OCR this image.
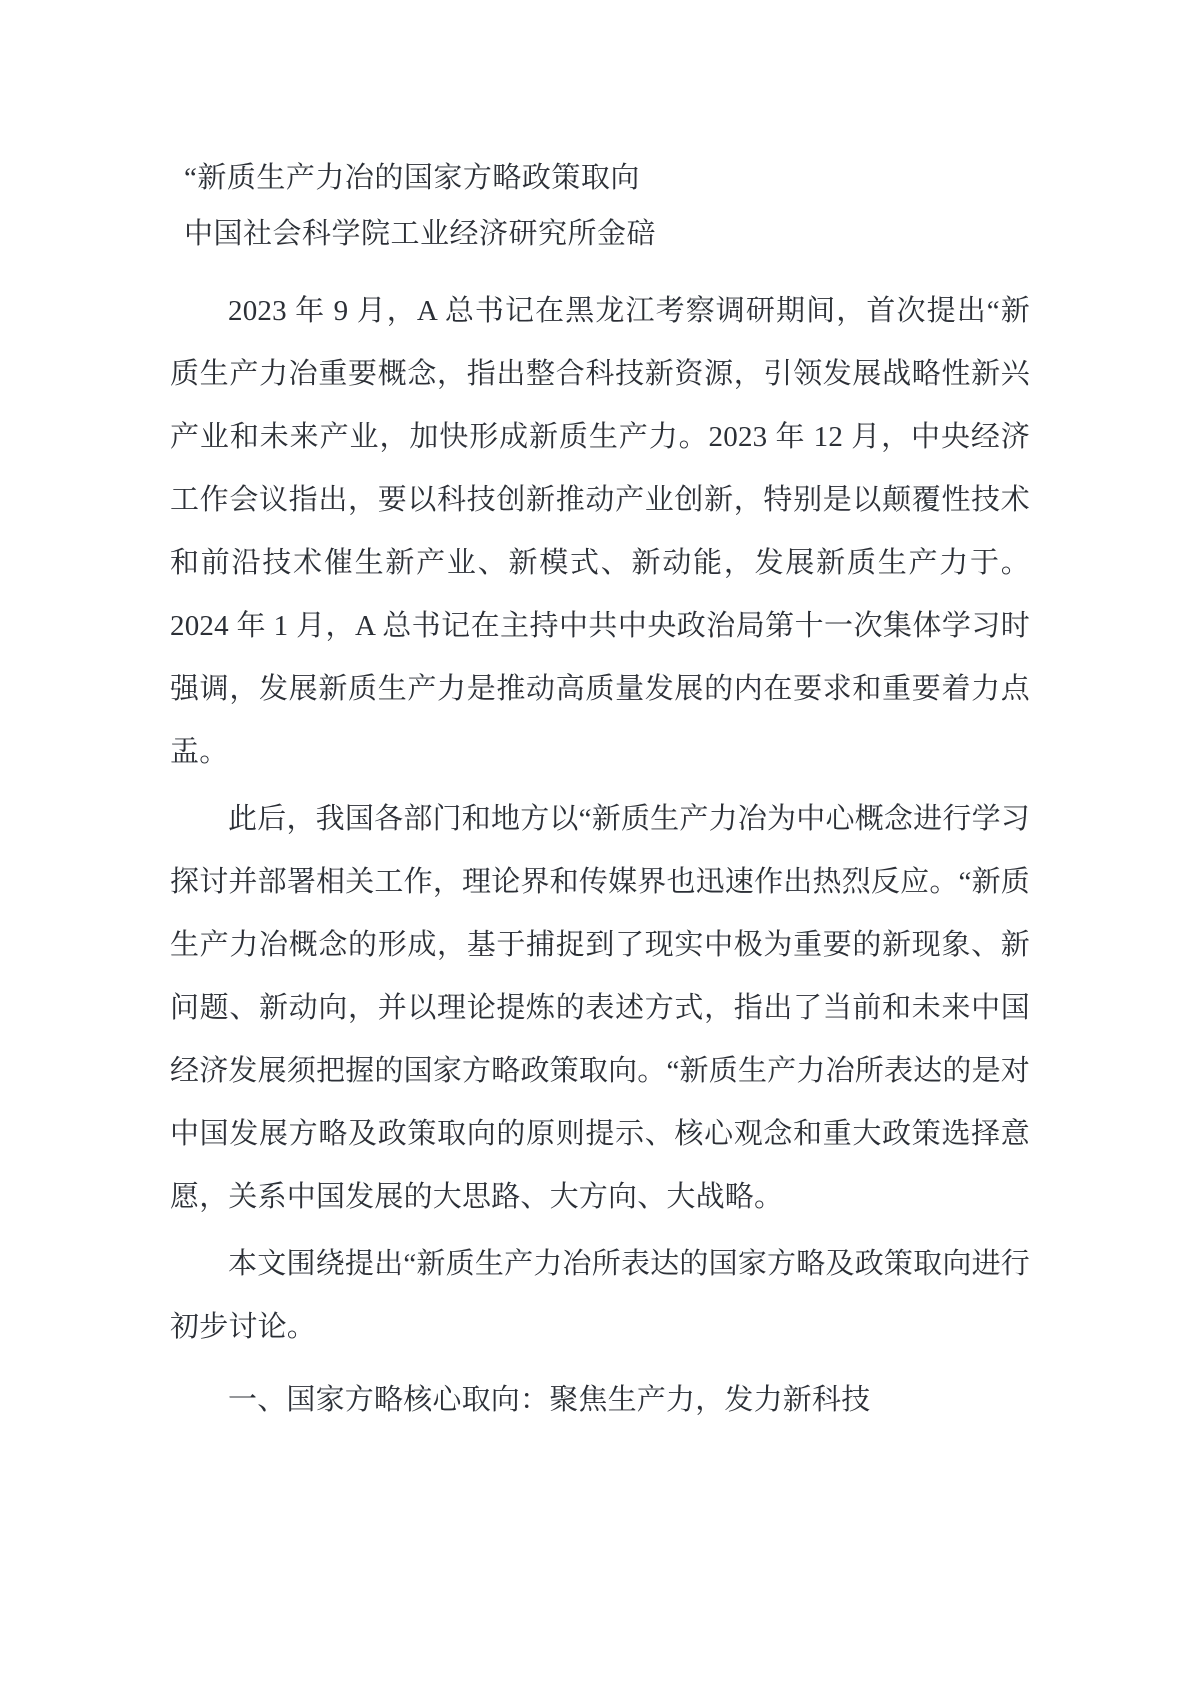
“新质生产力冶的国家方略政策取向
中国社会科学院工业经济研究所金碚

2023 年 9 月，A 总书记在黑龙江考察调研期间，首次提出“新质生产力冶重要概念，指出整合科技新资源，引领发展战略性新兴产业和未来产业，加快形成新质生产力。2023 年 12 月，中央经济工作会议指出，要以科技创新推动产业创新，特别是以颠覆性技术和前沿技术催生新产业、新模式、新动能，发展新质生产力于。2024 年 1 月，A 总书记在主持中共中央政治局第十一次集体学习时强调，发展新质生产力是推动高质量发展的内在要求和重要着力点盂。

此后，我国各部门和地方以“新质生产力冶为中心概念进行学习探讨并部署相关工作，理论界和传媒界也迅速作出热烈反应。“新质生产力冶概念的形成，基于捕捉到了现实中极为重要的新现象、新问题、新动向，并以理论提炼的表述方式，指出了当前和未来中国经济发展须把握的国家方略政策取向。“新质生产力冶所表达的是对中国发展方略及政策取向的原则提示、核心观念和重大政策选择意愿，关系中国发展的大思路、大方向、大战略。

本文围绕提出“新质生产力冶所表达的国家方略及政策取向进行初步讨论。

一、国家方略核心取向：聚焦生产力，发力新科技
